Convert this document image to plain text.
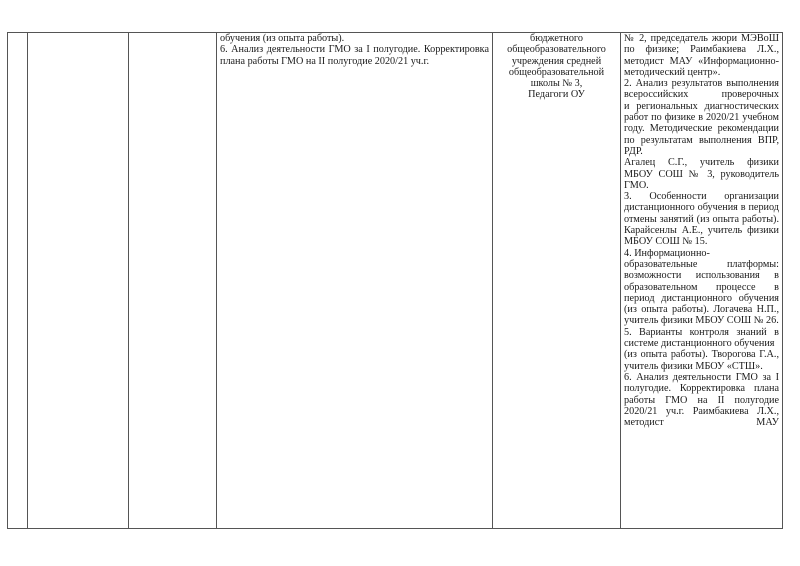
обучения (из опыта работы).
6. Анализ деятельности ГМО за I полугодие. Корректировка плана работы ГМО на II полугодие 2020/21 уч.г.

бюджетного
общеобразовательного
учреждения средней
общеобразовательной
школы № 3,
Педагоги ОУ

№ 2, председатель жюри МЭВоШ по физике; Раимбакиева Л.Х., методист МАУ «Информационно-методический центр».
2. Анализ результатов выполнения всероссийских проверочных
и региональных диагностических работ по физике в 2020/21 учебном году. Методические рекомендации по результатам выполнения ВПР, РДР.
Агалец С.Г., учитель физики МБОУ СОШ № 3, руководитель ГМО.
3. Особенности организации дистанционного обучения в период отмены занятий (из опыта работы). Карайсенлы А.Е., учитель физики МБОУ СОШ № 15.
4. Информационно-
образовательные платформы: возможности использования в образовательном процессе в период дистанционного обучения (из опыта работы). Логачева Н.П., учитель физики МБОУ СОШ № 26.
5. Варианты контроля знаний в системе дистанционного обучения
(из опыта работы). Творогова Г.А., учитель физики МБОУ «СТШ».
6. Анализ деятельности ГМО за I полугодие. Корректировка плана работы ГМО на II полугодие 2020/21 уч.г. Раимбакиева Л.Х., методист МАУ
